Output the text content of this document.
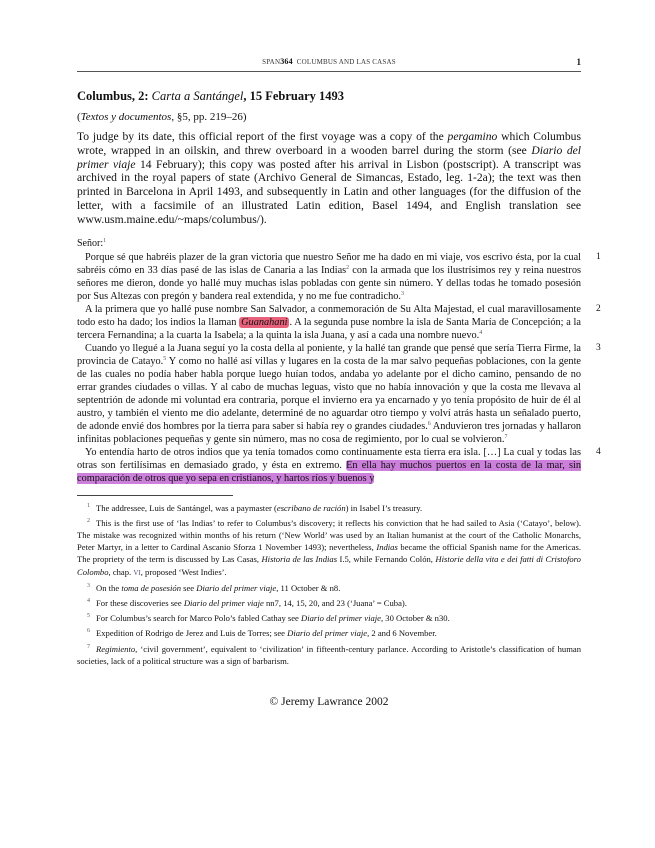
SPAN364 COLUMBUS AND LAS CASAS	1
Columbus, 2: Carta a Santángel, 15 February 1493
(Textos y documentos, §5, pp. 219–26)
To judge by its date, this official report of the first voyage was a copy of the pergamino which Columbus wrote, wrapped in an oilskin, and threw overboard in a wooden barrel during the storm (see Diario del primer viaje 14 February); this copy was posted after his arrival in Lisbon (postscript). A transcript was archived in the royal papers of state (Archivo General de Simancas, Estado, leg. 1-2a); the text was then printed in Barcelona in April 1493, and subsequently in Latin and other languages (for the diffusion of the letter, with a facsimile of an illustrated Latin edition, Basel 1494, and English translation see www.usm.maine.edu/~maps/columbus/).
Señor:$^1$

1
Porque sé que habréis plazer de la gran victoria que nuestro Señor me ha dado en mi viaje, vos escrivo ésta, por la cual sabréis cómo en 33 días pasé de las islas de Canaria a las Indias$^2$ con la armada que los ilustrísimos rey y reina nuestros señores me dieron, donde yo hallé muy muchas islas pobladas con gente sin número. Y dellas todas he tomado posesión por Sus Altezas con pregón y bandera real extendida, y no me fue contradicho.$^3$

2
A la primera que yo hallé puse nombre San Salvador, a conmemoración de Su Alta Majestad, el cual maravillosamente todo esto ha dado; los indios la llaman Guanahani . A la segunda puse nombre la isla de Santa María de Concepción; a la tercera Fernandina; a la cuarta la Isabela; a la quinta la isla Juana, y así a cada una nombre nuevo.$^4$

3
Cuando yo llegué a la Juana seguí yo la costa della al poniente, y la hallé tan grande que pensé que sería Tierra Firme, la provincia de Catayo.$^5$ Y como no hallé así villas y lugares en la costa de la mar salvo pequeñas poblaciones, con la gente de las cuales no podía haber habla porque luego huían todos, andaba yo adelante por el dicho camino, pensando de no errar grandes ciudades o villas. Y al cabo de muchas leguas, visto que no había innovación y que la costa me llevava al septentrión de adonde mi voluntad era contraria, porque el invierno era ya encarnado y yo tenía propósito de huir de él al austro, y también el viento me dio adelante, determiné de no aguardar otro tiempo y volví atrás hasta un señalado puerto, de adonde envié dos hombres por la tierra para saber si había rey o grandes ciudades.$^6$ Anduvieron tres jornadas y hallaron infinitas poblaciones pequeñas y gente sin número, mas no cosa de regimiento, por lo cual se volvieron.$^7$

4
Yo entendía harto de otros indios que ya tenía tomados como continuamente esta tierra era isla. […] La cual y todas las otras son fertilísimas en demasiado grado, y ésta en extremo. En ella hay muchos puertos en la costa de la mar, sin comparación de otros que yo sepa en cristianos, y hartos ríos y buenos y

$^1$ The addressee, Luis de Santángel, was a paymaster (escribano de ración) in Isabel I’s treasury.

$^2$ This is the first use of ‘las Indias’ to refer to Columbus’s discovery; it reflects his conviction that he had sailed to Asia (‘Catayo’, below). The mistake was recognized within months of his return (‘New World’ was used by an Italian humanist at the court of the Catholic Monarchs, Peter Martyr, in a letter to Cardinal Ascanio Sforza 1 November 1493); nevertheless, Indias became the official Spanish name for the Americas. The propriety of the term is discussed by Las Casas, Historia de las Indias I.5, while Fernando Colón, Historie della vita e dei fatti di Cristoforo Colombo, chap. VI, proposed ‘West Indies’.

$^3$ On the toma de posesión see Diario del primer viaje, 11 October & n8.

$^4$ For these discoveries see Diario del primer viaje nn7, 14, 15, 20, and 23 (‘Juana’ = Cuba).

$^5$ For Columbus’s search for Marco Polo’s fabled Cathay see Diario del primer viaje, 30 October & n30.

$^6$ Expedition of Rodrigo de Jerez and Luis de Torres; see Diario del primer viaje, 2 and 6 November.

$^7$ Regimiento, ‘civil government’, equivalent to ‘civilization’ in fifteenth-century parlance. According to Aristotle’s classification of human societies, lack of a political structure was a sign of barbarism.

© Jeremy Lawrance 2002
